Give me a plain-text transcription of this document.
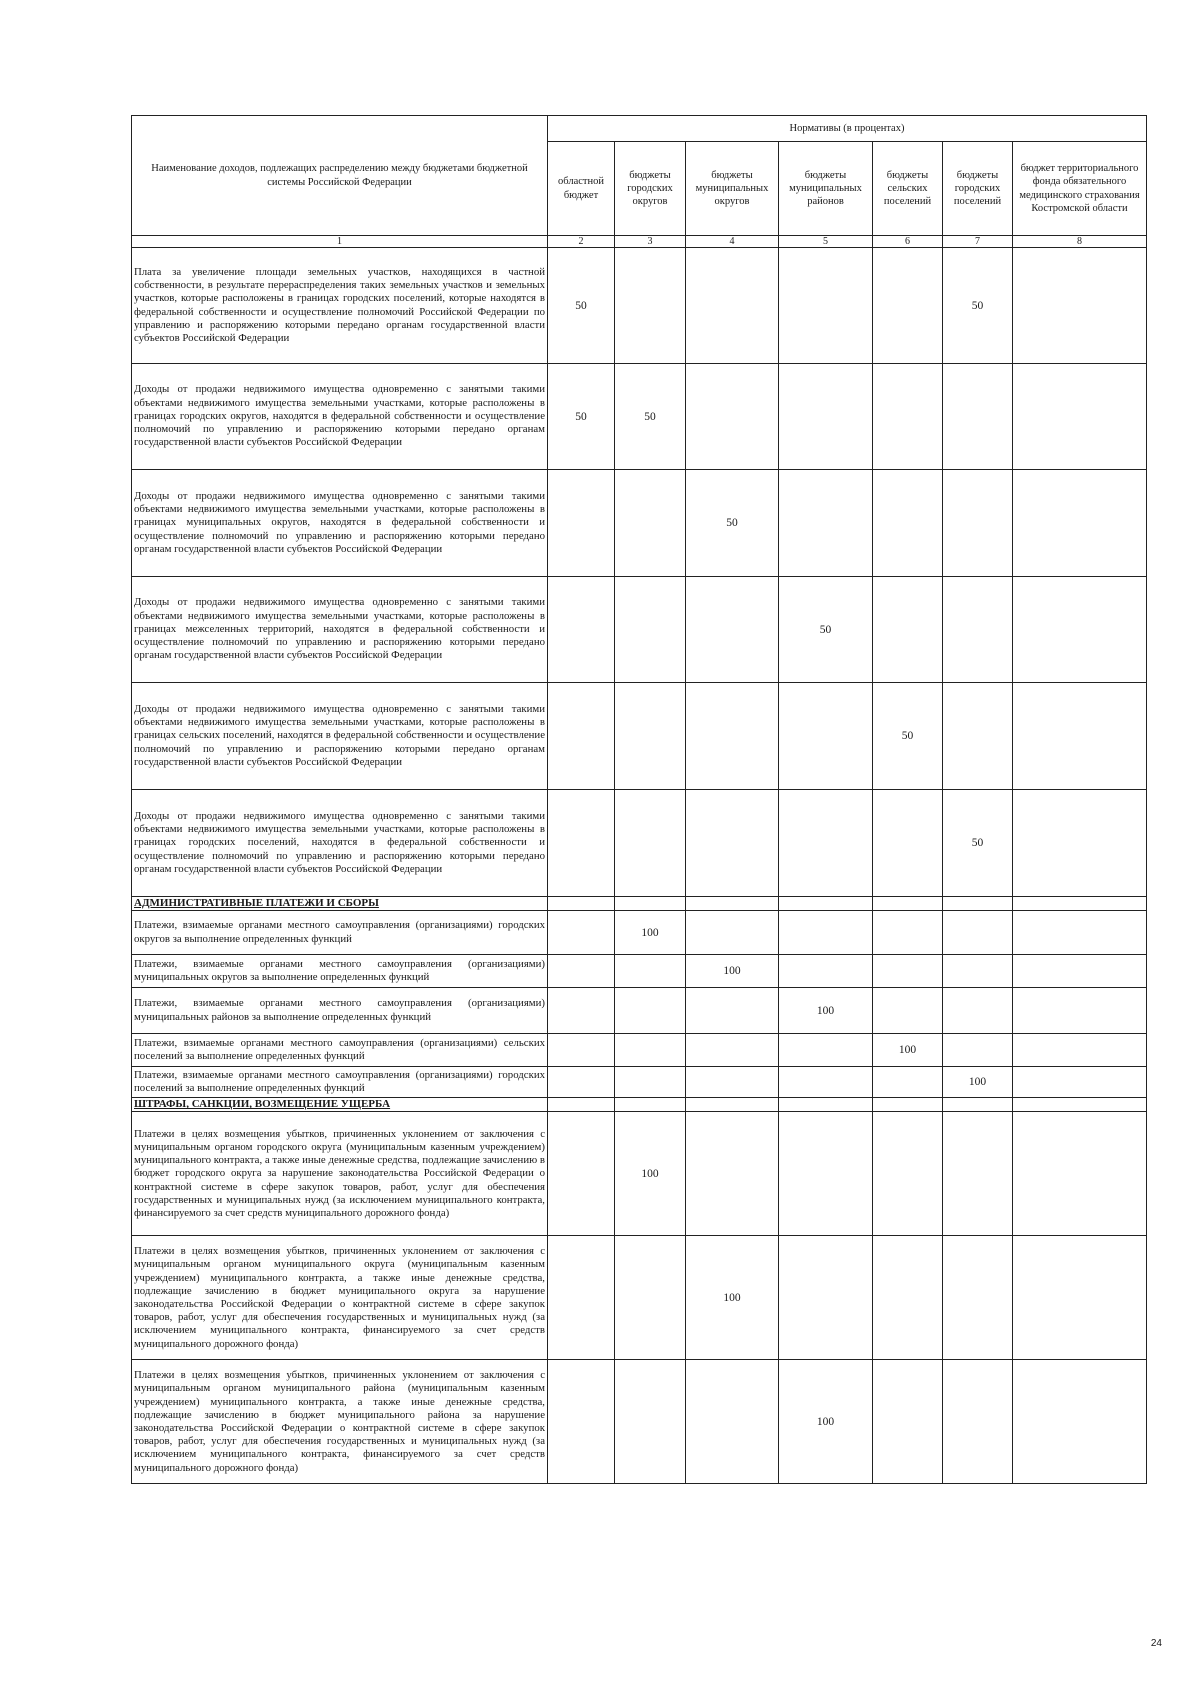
Наименование доходов, подлежащих распределению между бюджетами бюджетной системы Российской Федерации	Нормативы (в процентах)						
	областной бюджет	бюджеты городских округов	бюджеты муниципальных округов	бюджеты муниципальных районов	бюджеты сельских поселений	бюджеты городских поселений	бюджет территориального фонда обязательного медицинского страхования Костромской области
1	2	3	4	5	6	7	8
Плата за увеличение площади земельных участков, находящихся в частной собственности, в результате перераспределения таких земельных участков и земельных участков, которые расположены в границах городских поселений, которые находятся в федеральной собственности и осуществление полномочий Российской Федерации по управлению и распоряжению которыми передано органам государственной власти субъектов Российской Федерации	50					50	
Доходы от продажи недвижимого имущества одновременно с занятыми такими объектами недвижимого имущества земельными участками, которые расположены в границах городских округов, находятся в федеральной собственности и осуществление полномочий по управлению и распоряжению которыми передано органам государственной власти субъектов Российской Федерации	50	50					
Доходы от продажи недвижимого имущества одновременно с занятыми такими объектами недвижимого имущества земельными участками, которые расположены в границах муниципальных округов, находятся в федеральной собственности и осуществление полномочий по управлению и распоряжению которыми передано органам государственной власти субъектов Российской Федерации			50				
Доходы от продажи недвижимого имущества одновременно с занятыми такими объектами недвижимого имущества земельными участками, которые расположены в границах межселенных территорий, находятся в федеральной собственности и осуществление полномочий по управлению и распоряжению которыми передано органам государственной власти субъектов Российской Федерации				50			
Доходы от продажи недвижимого имущества одновременно с занятыми такими объектами недвижимого имущества земельными участками, которые расположены в границах сельских поселений, находятся в федеральной собственности и осуществление полномочий по управлению и распоряжению которыми передано органам государственной власти субъектов Российской Федерации					50		
Доходы от продажи недвижимого имущества одновременно с занятыми такими объектами недвижимого имущества земельными участками, которые расположены в границах городских поселений, находятся в федеральной собственности и осуществление полномочий по управлению и распоряжению которыми передано органам государственной власти субъектов Российской Федерации						50	
АДМИНИСТРАТИВНЫЕ ПЛАТЕЖИ И СБОРЫ							
Платежи, взимаемые органами местного самоуправления (организациями) городских округов за выполнение определенных функций		100					
Платежи, взимаемые органами местного самоуправления (организациями) муниципальных округов за выполнение определенных функций			100				
Платежи, взимаемые органами местного самоуправления (организациями) муниципальных районов за выполнение определенных функций				100			
Платежи, взимаемые органами местного самоуправления (организациями) сельских поселений за выполнение определенных функций					100		
Платежи, взимаемые органами местного самоуправления (организациями) городских поселений за выполнение определенных функций						100	
ШТРАФЫ, САНКЦИИ, ВОЗМЕЩЕНИЕ УЩЕРБА							
Платежи в целях возмещения убытков, причиненных уклонением от заключения с муниципальным органом городского округа (муниципальным казенным учреждением) муниципального контракта, а также иные денежные средства, подлежащие зачислению в бюджет городского округа за нарушение законодательства Российской Федерации о контрактной системе в сфере закупок товаров, работ, услуг для обеспечения государственных и муниципальных нужд (за исключением муниципального контракта, финансируемого за счет средств муниципального дорожного фонда)		100					
Платежи в целях возмещения убытков, причиненных уклонением от заключения с муниципальным органом муниципального округа (муниципальным казенным учреждением) муниципального контракта, а также иные денежные средства, подлежащие зачислению в бюджет муниципального округа за нарушение законодательства Российской Федерации о контрактной системе в сфере закупок товаров, работ, услуг для обеспечения государственных и муниципальных нужд (за исключением муниципального контракта, финансируемого за счет средств муниципального дорожного фонда)			100				
Платежи в целях возмещения убытков, причиненных уклонением от заключения с муниципальным органом муниципального района (муниципальным казенным учреждением) муниципального контракта, а также иные денежные средства, подлежащие зачислению в бюджет муниципального района за нарушение законодательства Российской Федерации о контрактной системе в сфере закупок товаров, работ, услуг для обеспечения государственных и муниципальных нужд (за исключением муниципального контракта, финансируемого за счет средств муниципального дорожного фонда)				100			
24
